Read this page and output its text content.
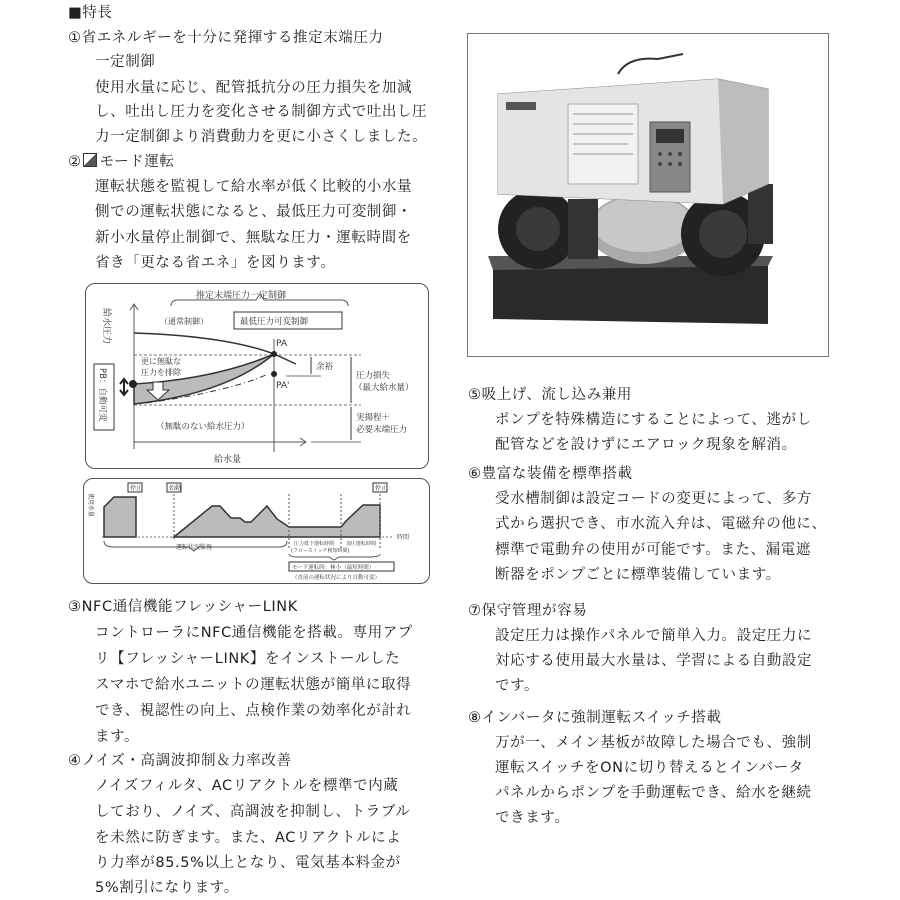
■特長
①省エネルギーを十分に発揮する推定末端圧力
一定制御
使用水量に応じ、配管抵抗分の圧力損失を加減
し、吐出し圧力を変化させる制御方式で吐出し圧
力一定制御より消費動力を更に小さくしました。
② モード運転
運転状態を監視して給水率が低く比較的小水量
側での運転状態になると、最低圧力可変制御・
新小水量停止制御で、無駄な圧力・運転時間を
省き「更なる省エネ」を図ります。
推定末端圧力一定制御
給水圧力
給水量
PA
PA'
（通常制御）	最低圧力可変制御
更に無駄な
圧力を排除
余裕
圧力損失
（最大給水量）
実揚程＋
必要末端圧力
（無駄のない給水圧力）
PB：自動可変
使用水量
時間
停止	始動	停止
運転状況監視	圧力低下運転時間
(フロースイッチ検知時間)
加圧運転時間
モード運転時：極小（最短時間）
（直前の運転状況により自動可変）
③NFC通信機能フレッシャーLINK
コントローラにNFC通信機能を搭載。専用アプ
リ【フレッシャーLINK】をインストールした
スマホで給水ユニットの運転状態が簡単に取得
でき、視認性の向上、点検作業の効率化が計れ
ます。
④ノイズ・高調波抑制＆力率改善
ノイズフィルタ、ACリアクトルを標準で内蔵
しており、ノイズ、高調波を抑制し、トラブル
を未然に防ぎます。また、ACリアクトルによ
り力率が85.5%以上となり、電気基本料金が
5%割引になります。
⑤吸上げ、流し込み兼用
ポンプを特殊構造にすることによって、逃がし
配管などを設けずにエアロック現象を解消。
⑥豊富な装備を標準搭載
受水槽制御は設定コードの変更によって、多方
式から選択でき、市水流入弁は、電磁弁の他に、
標準で電動弁の使用が可能です。また、漏電遮
断器をポンプごとに標準装備しています。
⑦保守管理が容易
設定圧力は操作パネルで簡単入力。設定圧力に
対応する使用最大水量は、学習による自動設定
です。
⑧インバータに強制運転スイッチ搭載
万が一、メイン基板が故障した場合でも、強制
運転スイッチをONに切り替えるとインバータ
パネルからポンプを手動運転でき、給水を継続
できます。
